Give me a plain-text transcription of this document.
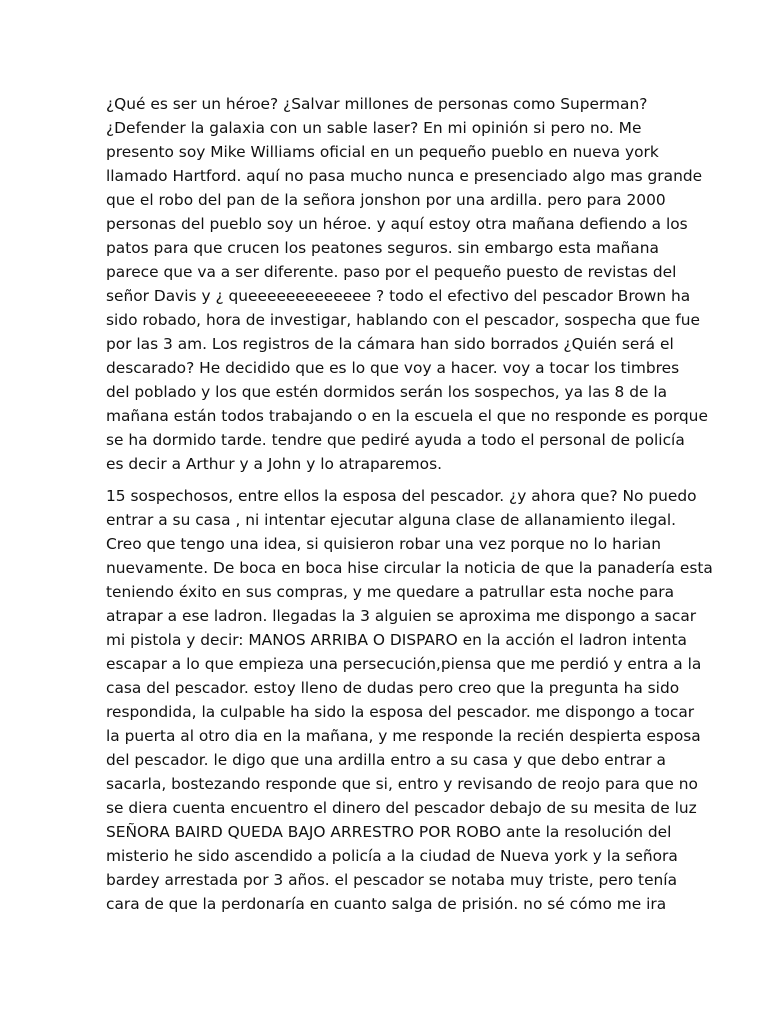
¿Qué es ser un héroe? ¿Salvar millones de personas como Superman?
¿Defender la galaxia con un sable laser? En mi opinión si pero no. Me
presento soy Mike Williams oficial en un pequeño pueblo en nueva york
llamado Hartford. aquí no pasa mucho nunca e presenciado algo mas grande
que el robo del pan de la señora jonshon por una ardilla. pero para 2000
personas del pueblo soy un héroe. y aquí estoy otra mañana defiendo a los
patos para que crucen los peatones seguros. sin embargo esta mañana
parece que va a ser diferente. paso por el pequeño puesto de revistas del
señor Davis y ¿ queeeeeeeeeeeee ? todo el efectivo del pescador Brown ha
sido robado, hora de investigar, hablando con el pescador, sospecha que fue
por las 3 am. Los registros de la cámara han sido borrados ¿Quién será el
descarado? He decidido que es lo que voy a hacer. voy a tocar los timbres
del poblado y los que estén dormidos serán los sospechos, ya las 8 de la
mañana están todos trabajando o en la escuela el que no responde es porque
se ha dormido tarde. tendre que pediré ayuda a todo el personal de policía
es decir a Arthur y a John y lo atraparemos.

15 sospechosos, entre ellos la esposa del pescador. ¿y ahora que? No puedo
entrar a su casa , ni intentar ejecutar alguna clase de allanamiento ilegal.
Creo que tengo una idea, si quisieron robar una vez porque no lo harian
nuevamente. De boca en boca hise circular la noticia de que la panadería esta
teniendo éxito en sus compras, y me quedare a patrullar esta noche para
atrapar a ese ladron. llegadas la 3 alguien se aproxima me dispongo a sacar
mi pistola y decir: MANOS ARRIBA O DISPARO en la acción el ladron intenta
escapar a lo que empieza una persecución,piensa que me perdió y entra a la
casa del pescador. estoy lleno de dudas pero creo que la pregunta ha sido
respondida, la culpable ha sido la esposa del pescador. me dispongo a tocar
la puerta al otro dia en la mañana, y me responde la recién despierta esposa
del pescador. le digo que una ardilla entro a su casa y que debo entrar a
sacarla, bostezando responde que si, entro y revisando de reojo para que no
se diera cuenta encuentro el dinero del pescador debajo de su mesita de luz
SEÑORA BAIRD QUEDA BAJO ARRESTRO POR ROBO ante la resolución del
misterio he sido ascendido a policía a la ciudad de Nueva york y la señora
bardey arrestada por 3 años. el pescador se notaba muy triste, pero tenía
cara de que la perdonaría en cuanto salga de prisión. no sé cómo me ira
